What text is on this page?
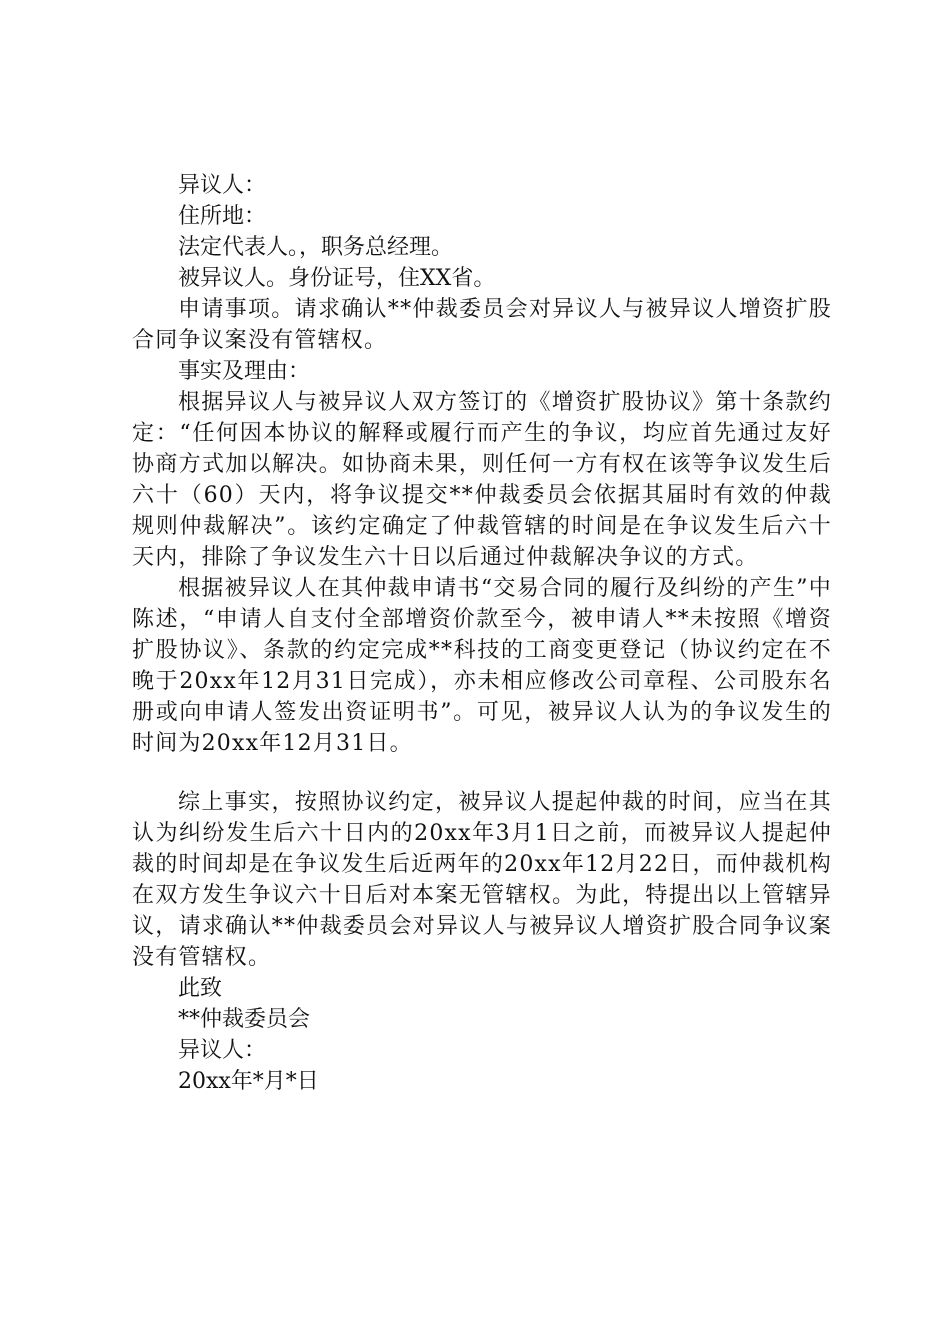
异议人：

住所地：

法定代表人。，职务总经理。

被异议人。身份证号，住XX省。

申请事项。请求确认**仲裁委员会对异议人与被异议人增资扩股合同争议案没有管辖权。

事实及理由：

根据异议人与被异议人双方签订的《增资扩股协议》第十条款约定：“任何因本协议的解释或履行而产生的争议，均应首先通过友好协商方式加以解决。如协商未果，则任何一方有权在该等争议发生后六十（60）天内，将争议提交**仲裁委员会依据其届时有效的仲裁规则仲裁解决”。该约定确定了仲裁管辖的时间是在争议发生后六十天内，排除了争议发生六十日以后通过仲裁解决争议的方式。

根据被异议人在其仲裁申请书“交易合同的履行及纠纷的产生”中陈述，“申请人自支付全部增资价款至今，被申请人**未按照《增资扩股协议》、条款的约定完成**科技的工商变更登记（协议约定在不晚于20xx年12月31日完成），亦未相应修改公司章程、公司股东名册或向申请人签发出资证明书”。可见，被异议人认为的争议发生的时间为20xx年12月31日。

综上事实，按照协议约定，被异议人提起仲裁的时间，应当在其认为纠纷发生后六十日内的20xx年3月1日之前，而被异议人提起仲裁的时间却是在争议发生后近两年的20xx年12月22日，而仲裁机构在双方发生争议六十日后对本案无管辖权。为此，特提出以上管辖异议，请求确认**仲裁委员会对异议人与被异议人增资扩股合同争议案没有管辖权。

此致

**仲裁委员会

异议人：

20xx年*月*日
